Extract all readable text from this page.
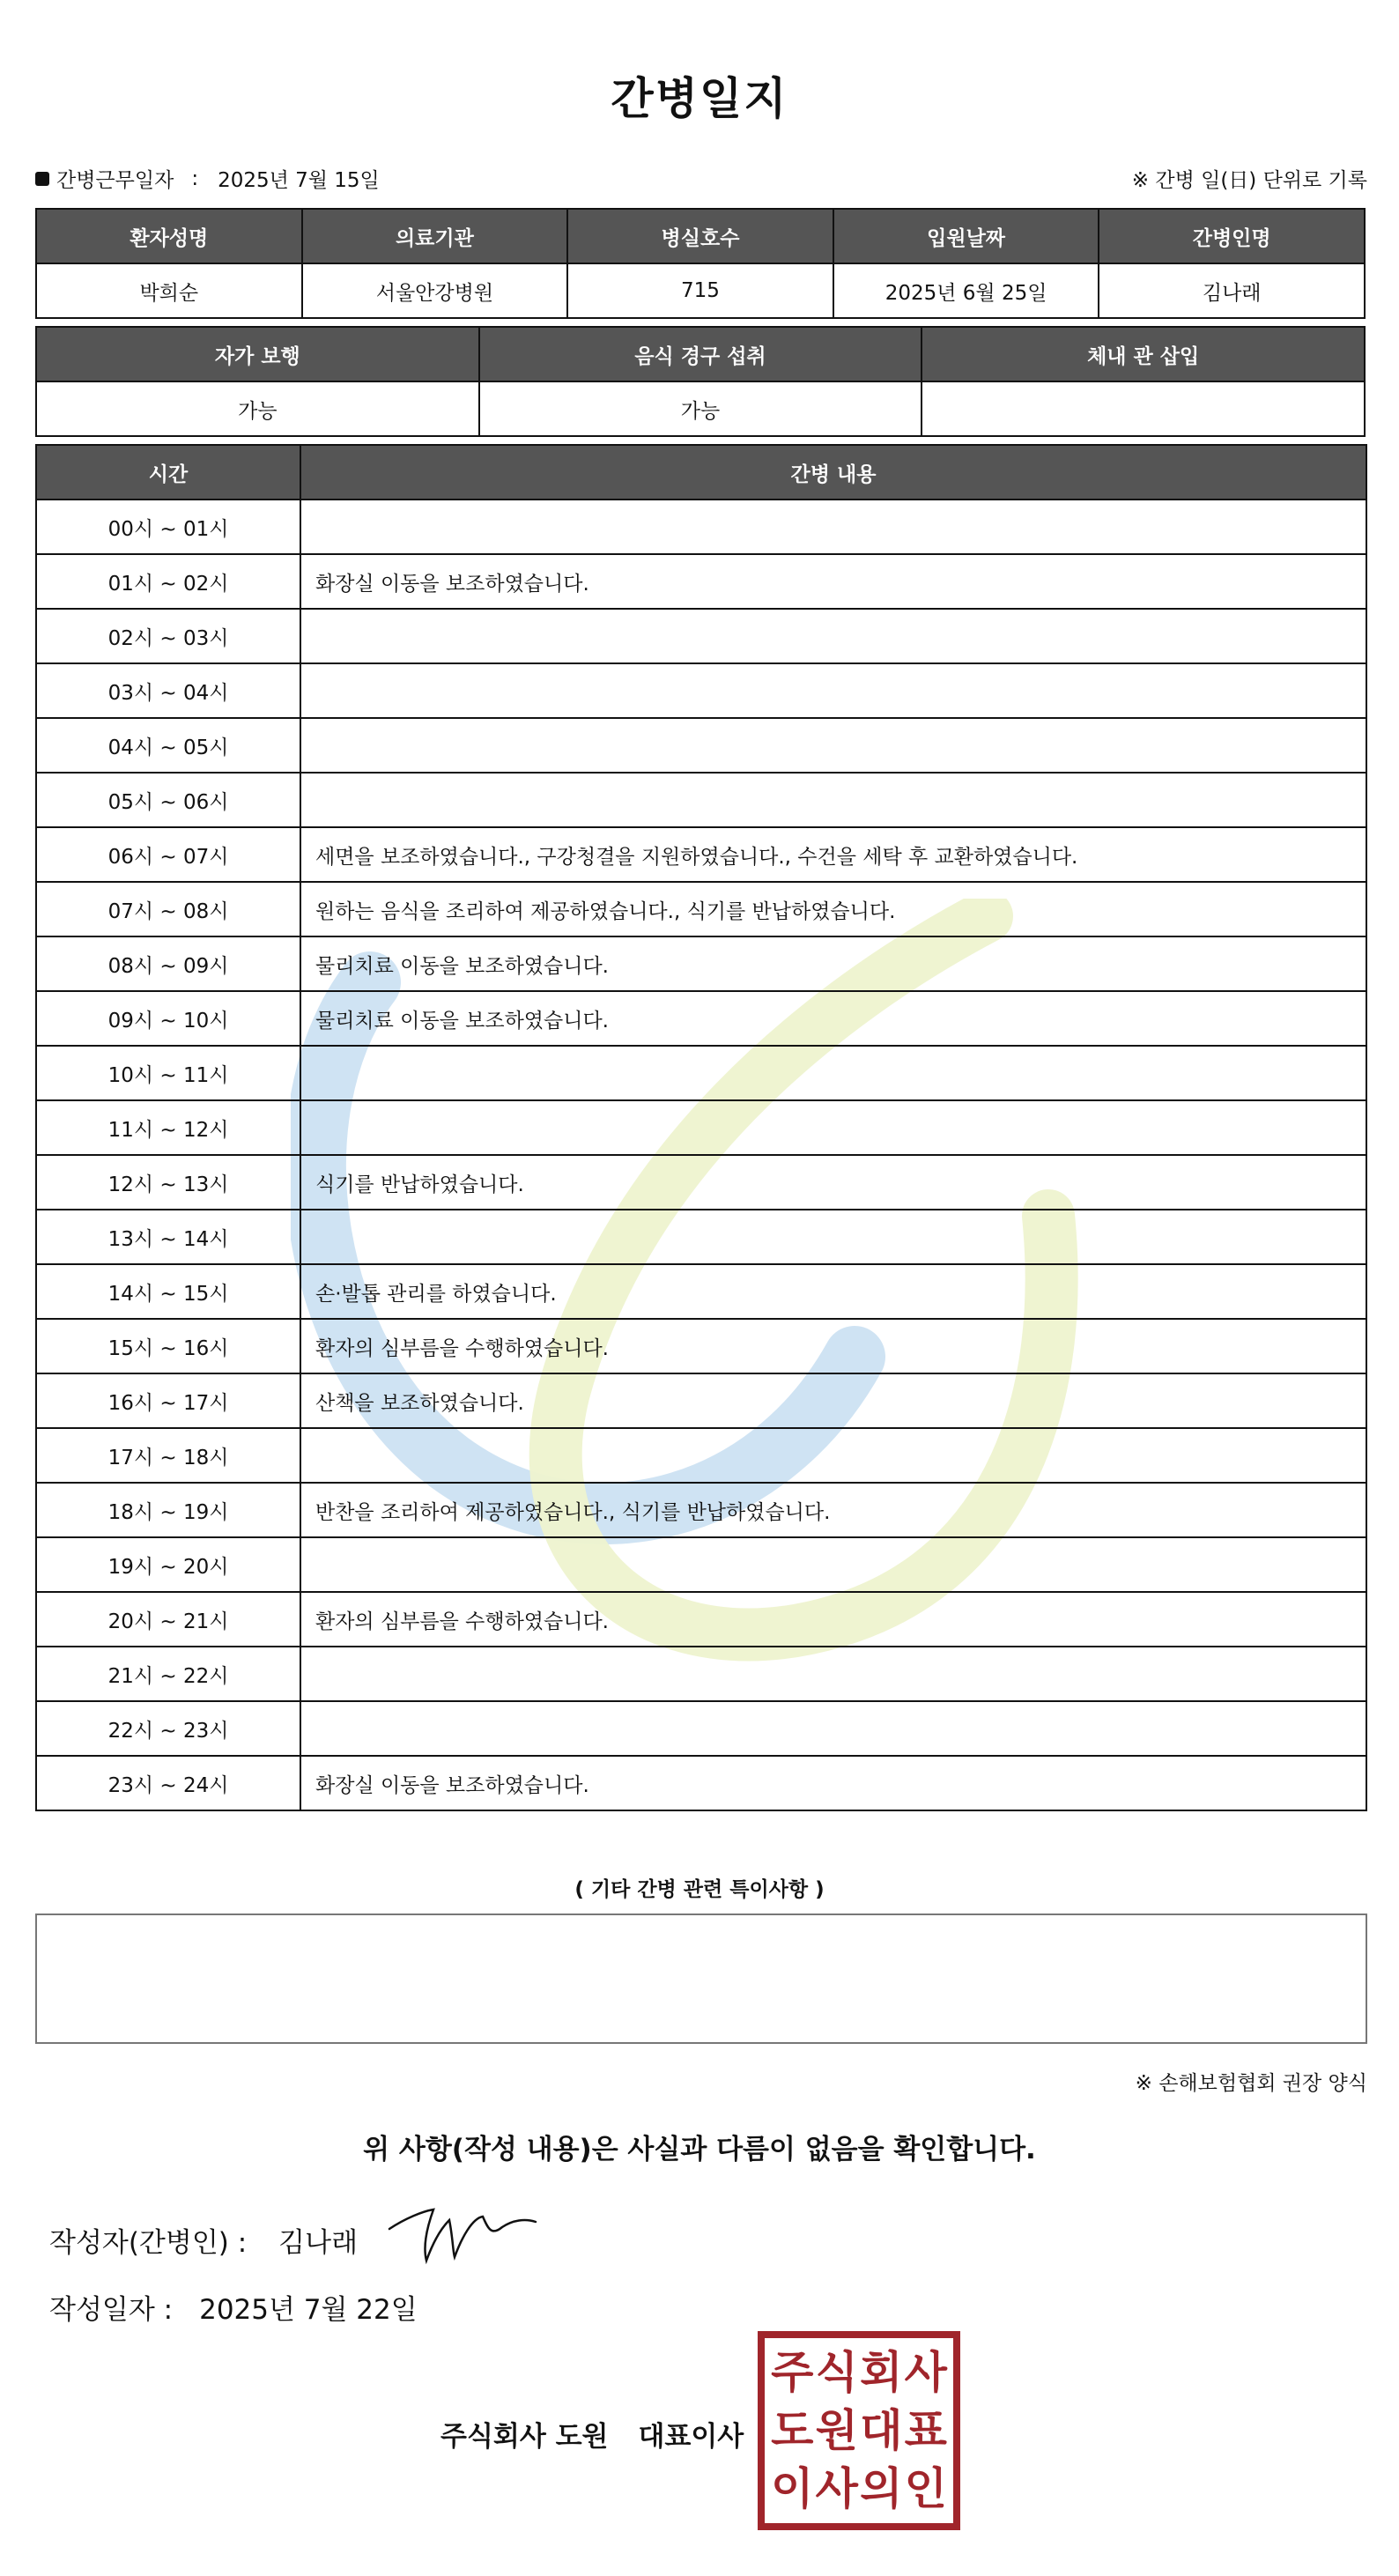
간병일지
간병근무일자 : 2025년 7월 15일	※ 간병 일(日) 단위로 기록
환자성명	의료기관	병실호수	입원날짜	간병인명
박희순	서울안강병원	715	2025년 6월 25일	김나래
자가 보행	음식 경구 섭취	체내 관 삽입
가능	가능	
시간	간병 내용
00시 ~ 01시	
01시 ~ 02시	화장실 이동을 보조하였습니다.
02시 ~ 03시	
03시 ~ 04시	
04시 ~ 05시	
05시 ~ 06시	
06시 ~ 07시	세면을 보조하였습니다., 구강청결을 지원하였습니다., 수건을 세탁 후 교환하였습니다.
07시 ~ 08시	원하는 음식을 조리하여 제공하였습니다., 식기를 반납하였습니다.
08시 ~ 09시	물리치료 이동을 보조하였습니다.
09시 ~ 10시	물리치료 이동을 보조하였습니다.
10시 ~ 11시	
11시 ~ 12시	
12시 ~ 13시	식기를 반납하였습니다.
13시 ~ 14시	
14시 ~ 15시	손·발톱 관리를 하였습니다.
15시 ~ 16시	환자의 심부름을 수행하였습니다.
16시 ~ 17시	산책을 보조하였습니다.
17시 ~ 18시	
18시 ~ 19시	반찬을 조리하여 제공하였습니다., 식기를 반납하였습니다.
19시 ~ 20시	
20시 ~ 21시	환자의 심부름을 수행하였습니다.
21시 ~ 22시	
22시 ~ 23시	
23시 ~ 24시	화장실 이동을 보조하였습니다.
( 기타 간병 관련 특이사항 )
※ 손해보험협회 권장 양식
위 사항(작성 내용)은 사실과 다름이 없음을 확인합니다.
작성자(간병인) : 김나래
작성일자 : 2025년 7월 22일
주식회사 도원 대표이사
주 식 회 사
도 원 대 표
이 사 의 인
